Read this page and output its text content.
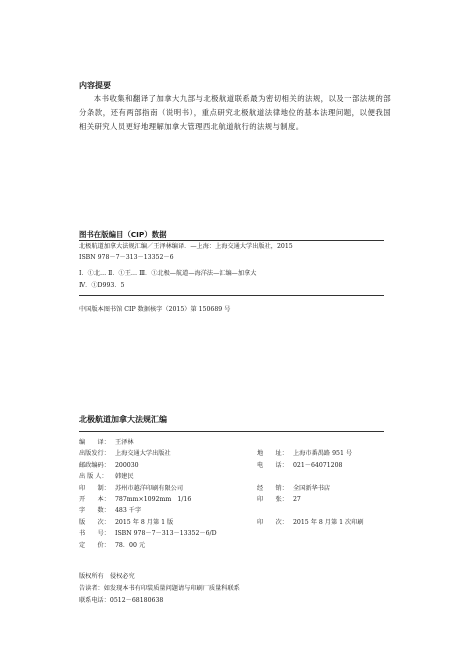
内容提要
本书收集和翻译了加拿大九部与北极航道联系最为密切相关的法规，以及一部法规的部分条款，还有两部指南（说明书），重点研究北极航道法律地位的基本法理问题，以便我国相关研究人员更好地理解加拿大管理西北航道航行的法规与制度。
图书在版编目（CIP）数据
北极航道加拿大法规汇编／王泽林编译．—上海：上海交通大学出版社，2015
ISBN 978－7－313－13352－6
Ⅰ．①北… Ⅱ．①王… Ⅲ．①北极—航道—海洋法—汇编—加拿大
Ⅳ．①D993．5
中国版本图书馆 CIP 数据核字（2015）第 150689 号
北极航道加拿大法规汇编
编　　译： 王泽林
出版发行： 上海交通大学出版社	地　　址： 上海市番禺路 951 号
邮政编码： 200030	电　　话： 021－64071208
出 版 人： 韩建民
印　　制： 苏州市越洋印刷有限公司	经　　销： 全国新华书店
开　　本： 787mm×1092mm　1/16	印　　张： 27
字　　数： 483 千字
版　　次： 2015 年 8 月第 1 版	印　　次： 2015 年 8 月第 1 次印刷
书　　号： ISBN 978－7－313－13352－6/D
定　　价： 78．00 元
版权所有　侵权必究
告读者：如发现本书有印装质量问题请与印刷厂质量科联系
联系电话：0512－68180638
